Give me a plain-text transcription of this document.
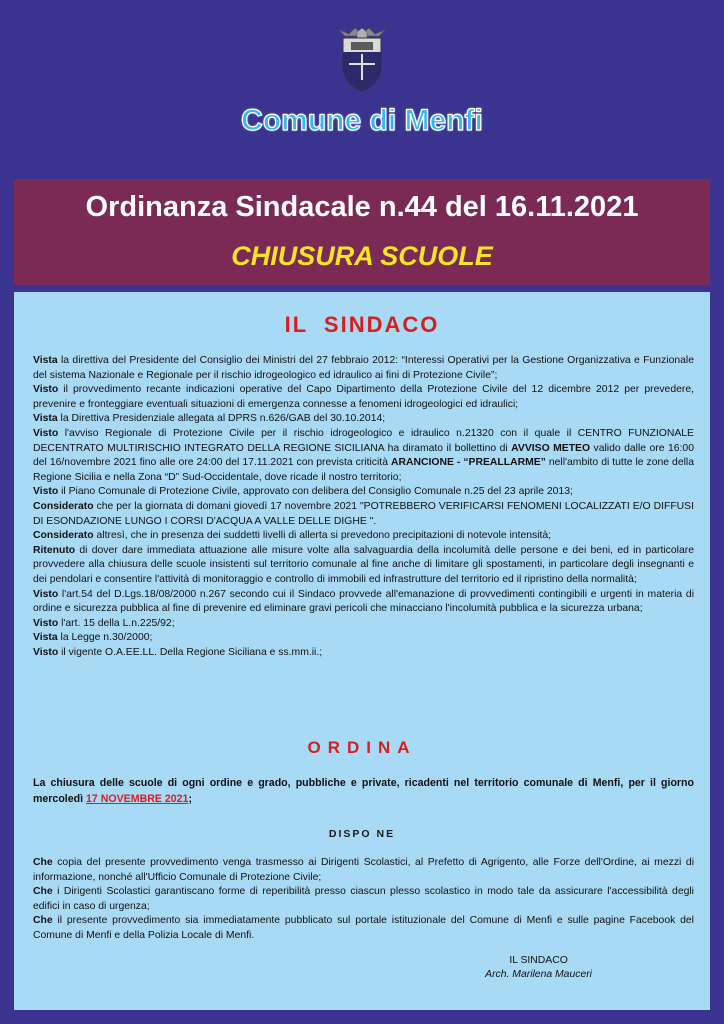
Comune di Menfi
Ordinanza Sindacale n.44 del 16.11.2021
CHIUSURA SCUOLE
IL SINDACO

Vista la direttiva del Presidente del Consiglio dei Ministri del 27 febbraio 2012: “Interessi Operativi per la Gestione Organizzativa e Funzionale del sistema Nazionale e Regionale per il rischio idrogeologico ed idraulico ai fini di Protezione Civile”;

Visto il provvedimento recante indicazioni operative del Capo Dipartimento della Protezione Civile del 12 dicembre 2012 per prevedere, prevenire e fronteggiare eventuali situazioni di emergenza connesse a fenomeni idrogeologici ed idraulici;

Vista la Direttiva Presidenziale allegata al DPRS n.626/GAB del 30.10.2014;

Visto l'avviso Regionale di Protezione Civile per il rischio idrogeologico e idraulico n.21320 con il quale il CENTRO FUNZIONALE DECENTRATO MULTIRISCHIO INTEGRATO DELLA REGIONE SICILIANA ha diramato il bollettino di AVVISO METEO valido dalle ore 16:00 del 16/novembre 2021 fino alle ore 24:00 del 17.11.2021 con prevista criticità ARANCIONE - “PREALLARME” nell'ambito di tutte le zone della Regione Sicilia e nella Zona “D” Sud-Occidentale, dove ricade il nostro territorio;

Visto il Piano Comunale di Protezione Civile, approvato con delibera del Consiglio Comunale n.25 del 23 aprile 2013;

Considerato che per la giornata di domani giovedì 17 novembre 2021 "POTREBBERO VERIFICARSI FENOMENI LOCALIZZATI E/O DIFFUSI DI ESONDAZIONE LUNGO I CORSI D'ACQUA A VALLE DELLE DIGHE ".

Considerato altresì, che in presenza dei suddetti livelli di allerta si prevedono precipitazioni di notevole intensità;

Ritenuto di dover dare immediata attuazione alle misure volte alla salvaguardia della incolumità delle persone e dei beni, ed in particolare provvedere alla chiusura delle scuole insistenti sul territorio comunale al fine anche di limitare gli spostamenti, in particolare degli insegnanti e dei pendolari e consentire l'attività di monitoraggio e controllo di immobili ed infrastrutture del territorio ed il ripristino della normalità;

Visto l'art.54 del D.Lgs.18/08/2000 n.267 secondo cui il Sindaco provvede all'emanazione di provvedimenti contingibili e urgenti in materia di ordine e sicurezza pubblica al fine di prevenire ed eliminare gravi pericoli che minacciano l'incolumità pubblica e la sicurezza urbana;

Visto l'art. 15 della L.n.225/92;

Vista la Legge n.30/2000;

Visto il vigente O.A.EE.LL. Della Regione Siciliana e ss.mm.ii.;

ORDINA
La chiusura delle scuole di ogni ordine e grado, pubbliche e private, ricadenti nel territorio comunale di Menfi, per il giorno mercoledì 17 NOVEMBRE 2021;
DISPO NE

Che copia del presente provvedimento venga trasmesso ai Dirigenti Scolastici, al Prefetto di Agrigento, alle Forze dell'Ordine, ai mezzi di informazione, nonché all'Ufficio Comunale di Protezione Civile;

Che i Dirigenti Scolastici garantiscano forme di reperibilità presso ciascun plesso scolastico in modo tale da assicurare l'accessibilità degli edifici in caso di urgenza;

Che il presente provvedimento sia immediatamente pubblicato sul portale istituzionale del Comune di Menfi e sulle pagine Facebook del Comune di Menfi e della Polizia Locale di Menfi.

IL SINDACO
Arch. Marilena Mauceri
